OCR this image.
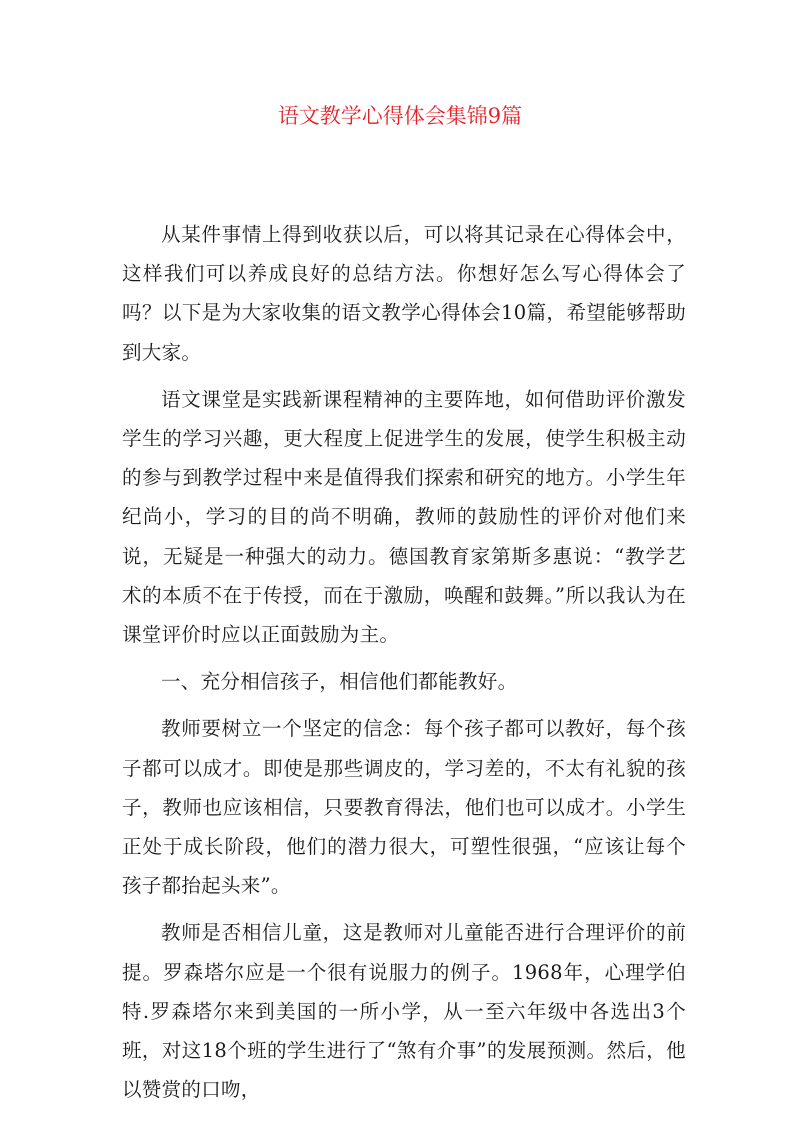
语文教学心得体会集锦9篇

从某件事情上得到收获以后，可以将其记录在心得体会中，这样我们可以养成良好的总结方法。你想好怎么写心得体会了吗？以下是为大家收集的语文教学心得体会10篇，希望能够帮助到大家。

语文课堂是实践新课程精神的主要阵地，如何借助评价激发学生的学习兴趣，更大程度上促进学生的发展，使学生积极主动的参与到教学过程中来是值得我们探索和研究的地方。小学生年纪尚小，学习的目的尚不明确，教师的鼓励性的评价对他们来说，无疑是一种强大的动力。德国教育家第斯多惠说：“教学艺术的本质不在于传授，而在于激励，唤醒和鼓舞。”所以我认为在课堂评价时应以正面鼓励为主。

一、充分相信孩子，相信他们都能教好。

教师要树立一个坚定的信念：每个孩子都可以教好，每个孩子都可以成才。即使是那些调皮的，学习差的，不太有礼貌的孩子，教师也应该相信，只要教育得法，他们也可以成才。小学生正处于成长阶段，他们的潜力很大，可塑性很强，“应该让每个孩子都抬起头来”。

教师是否相信儿童，这是教师对儿童能否进行合理评价的前提。罗森塔尔应是一个很有说服力的例子。1968年，心理学伯特.罗森塔尔来到美国的一所小学，从一至六年级中各选出3个班，对这18个班的学生进行了“煞有介事”的发展预测。然后，他以赞赏的口吻，
